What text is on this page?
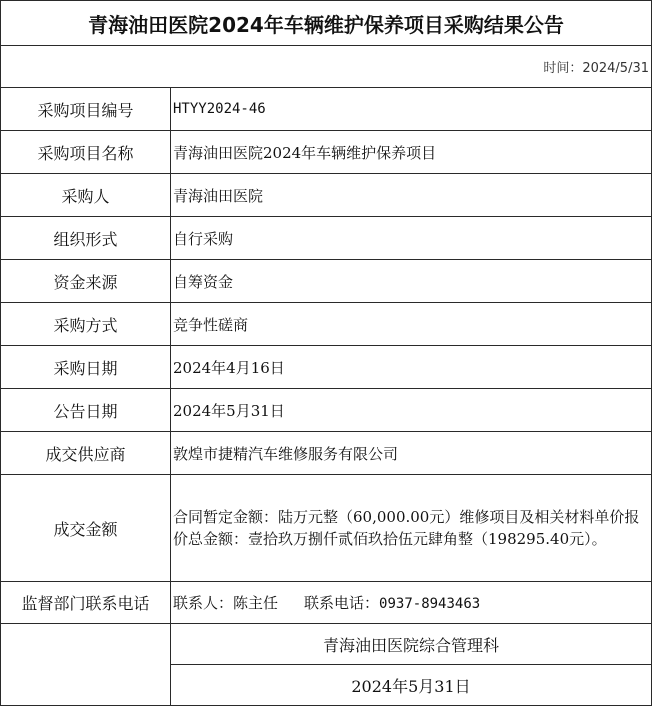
青海油田医院2024年车辆维护保养项目采购结果公告	
时间：2024/5/31	
采购项目编号	HTYY2024-46
采购项目名称	青海油田医院2024年车辆维护保养项目
采购人	青海油田医院
组织形式	自行采购
资金来源	自筹资金
采购方式	竞争性磋商
采购日期	2024年4月16日
公告日期	2024年5月31日
成交供应商	敦煌市捷精汽车维修服务有限公司
成交金额	合同暂定金额：陆万元整（60,000.00元）维修项目及相关材料单价报价总金额：壹拾玖万捌仟贰佰玖拾伍元肆角整（198295.40元）。
监督部门联系电话	联系人：陈主任 联系电话：0937-8943463
	青海油田医院综合管理科
	2024年5月31日
